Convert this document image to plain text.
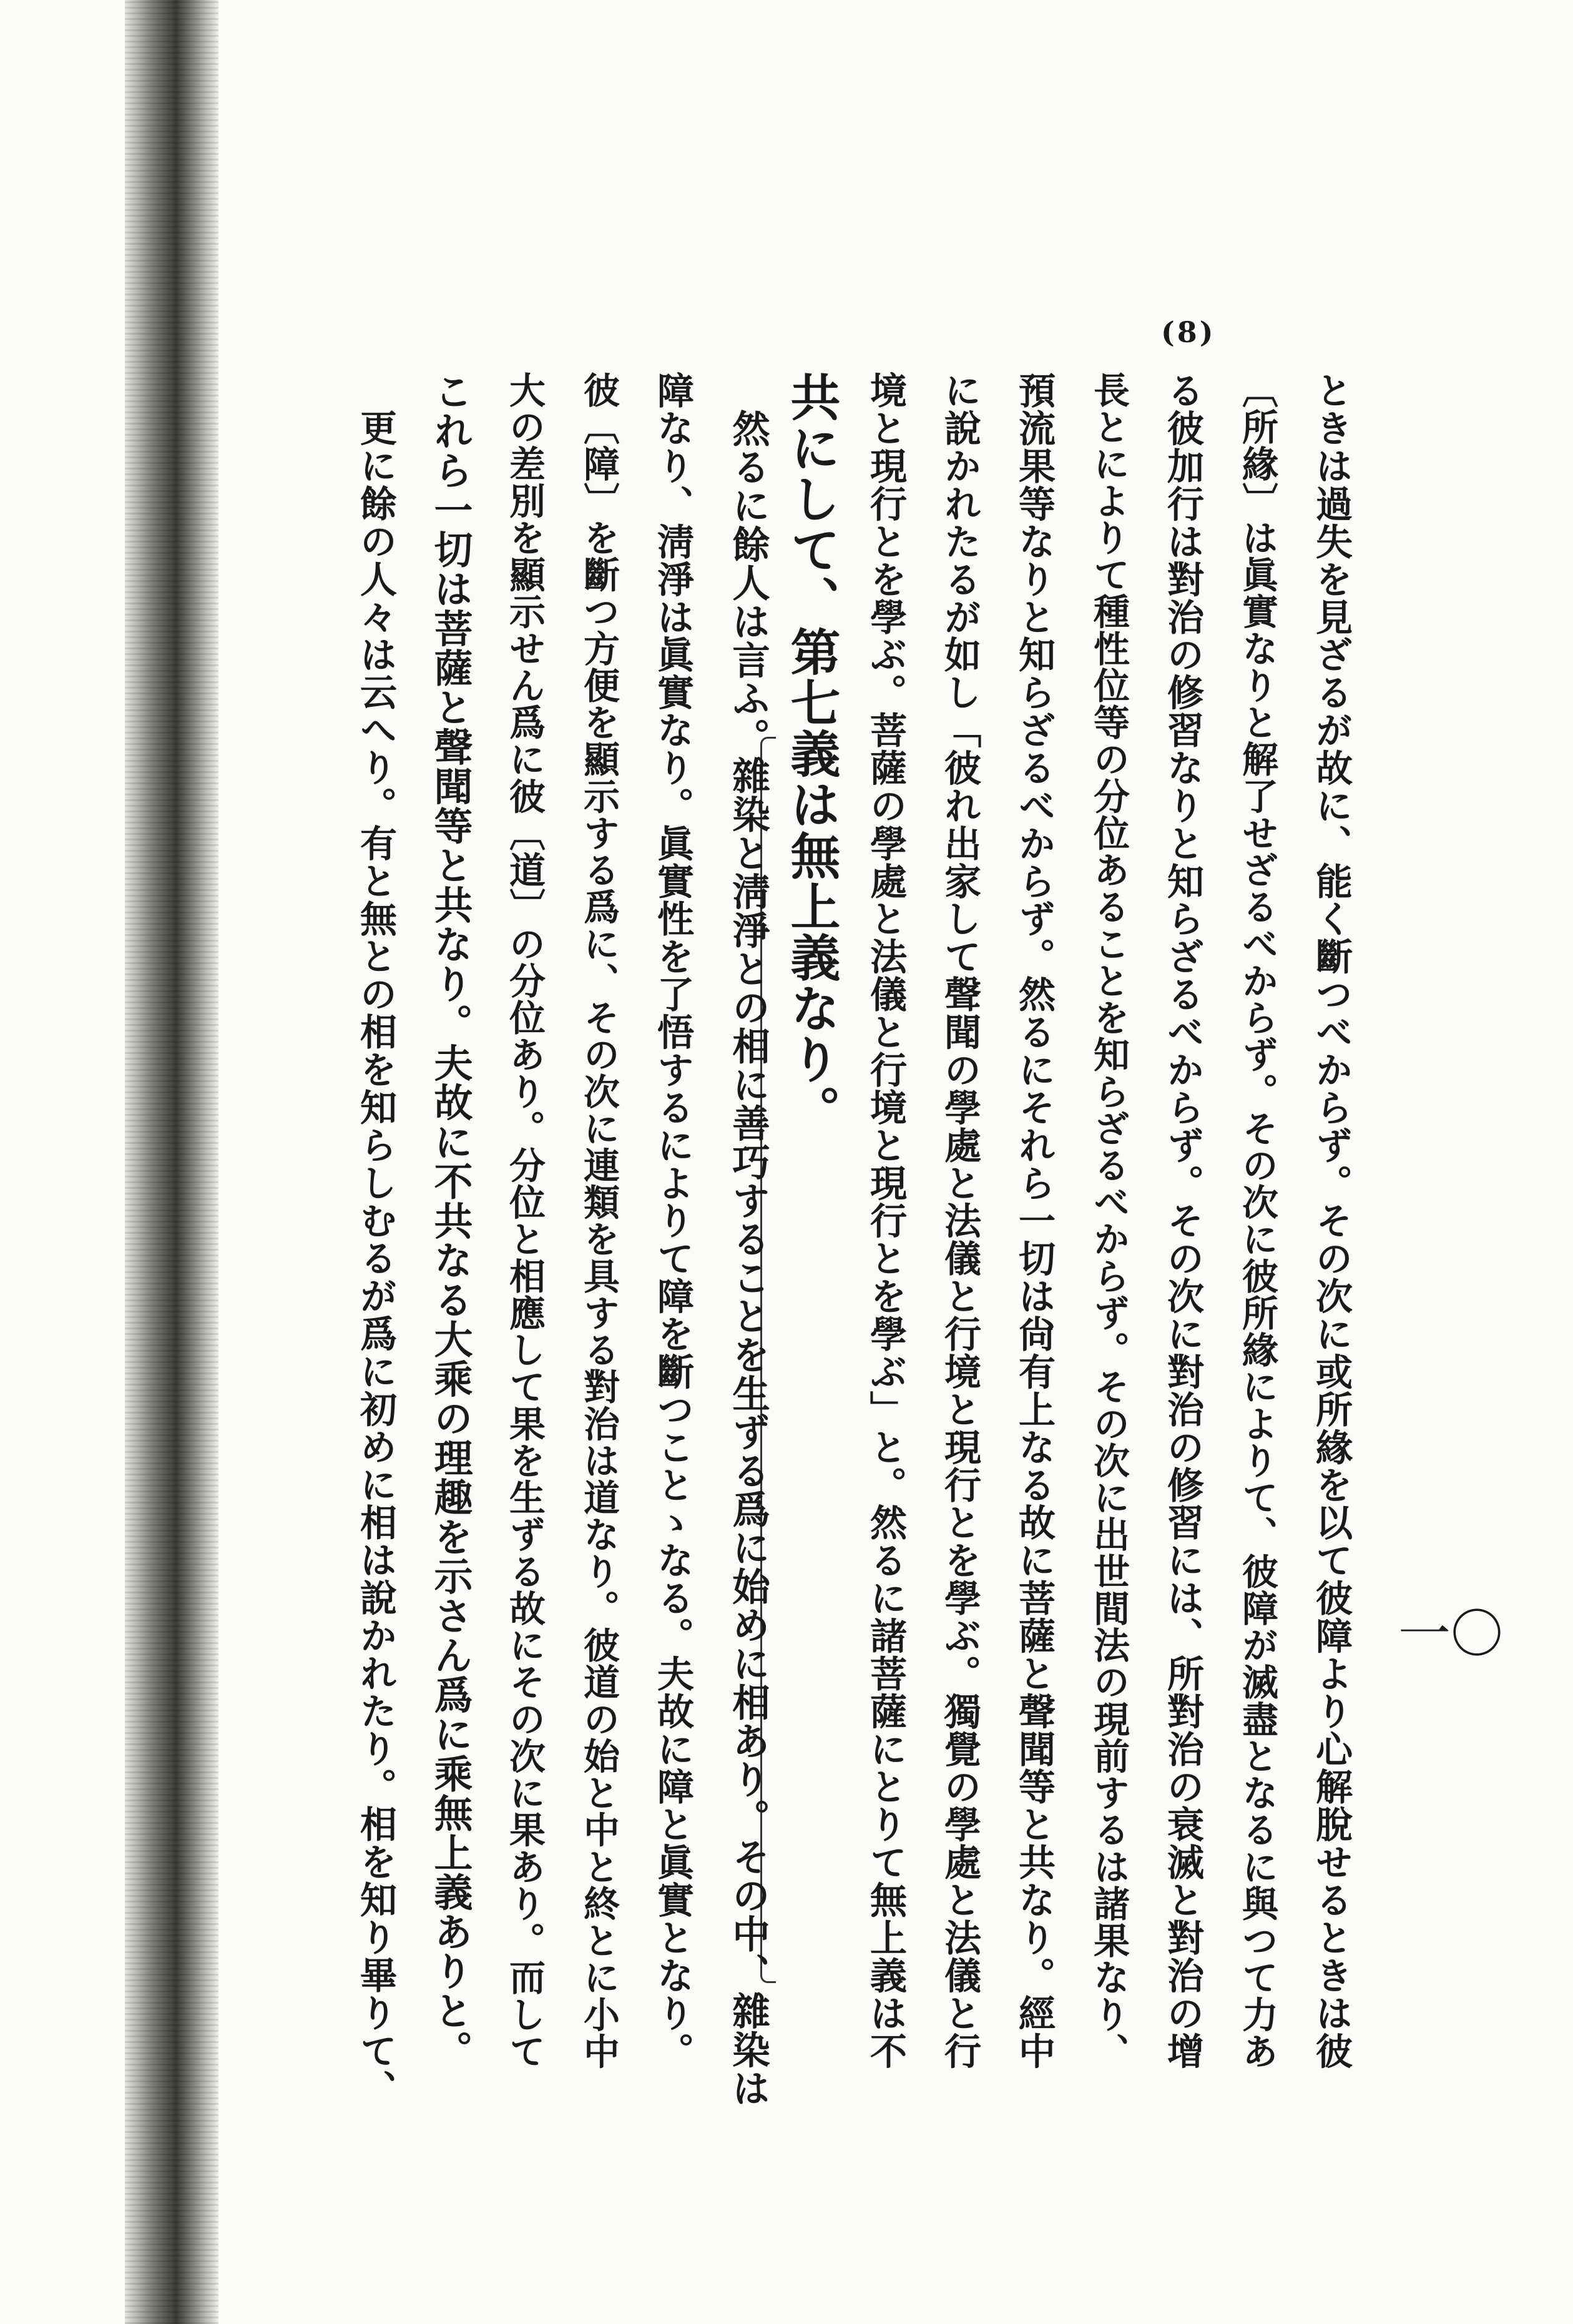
(8)
一〇
ときは過失を見ざるが故に、能く斷つべからず。その次に或所緣を以て彼障より心解脫せるときは彼
〔所緣〕は眞實なりと解了せざるべからず。その次に彼所緣によりて、彼障が滅盡となるに與つて力あ
る彼加行は對治の修習なりと知らざるべからず。その次に對治の修習には、所對治の衰滅と對治の增
長とによりて種性位等の分位あることを知らざるべからず。その次に出世間法の現前するは諸果なり、
預流果等なりと知らざるべからず。然るにそれら一切は尙有上なる故に菩薩と聲聞等と共なり。經中
に說かれたるが如し「彼れ出家して聲聞の學處と法儀と行境と現行とを學ぶ。獨覺の學處と法儀と行
境と現行とを學ぶ。菩薩の學處と法儀と行境と現行とを學ぶ」と。然るに諸菩薩にとりて無上義は不
共にして、第七義は無上義なり。
然るに餘人は言ふ。雜染と淸淨との相に善巧することを生ずる爲に始めに相あり。その中、雜染は
障なり、淸淨は眞實なり。眞實性を了悟するによりて障を斷つことゝなる。夫故に障と眞實となり。
彼〔障〕を斷つ方便を顯示する爲に、その次に連類を具する對治は道なり。彼道の始と中と終とに小中
大の差別を顯示せん爲に彼〔道〕の分位あり。分位と相應して果を生ずる故にその次に果あり。而して
これら一切は菩薩と聲聞等と共なり。夫故に不共なる大乘の理趣を示さん爲に乘無上義ありと。
更に餘の人々は云へり。有と無との相を知らしむるが爲に初めに相は說かれたり。相を知り畢りて、
